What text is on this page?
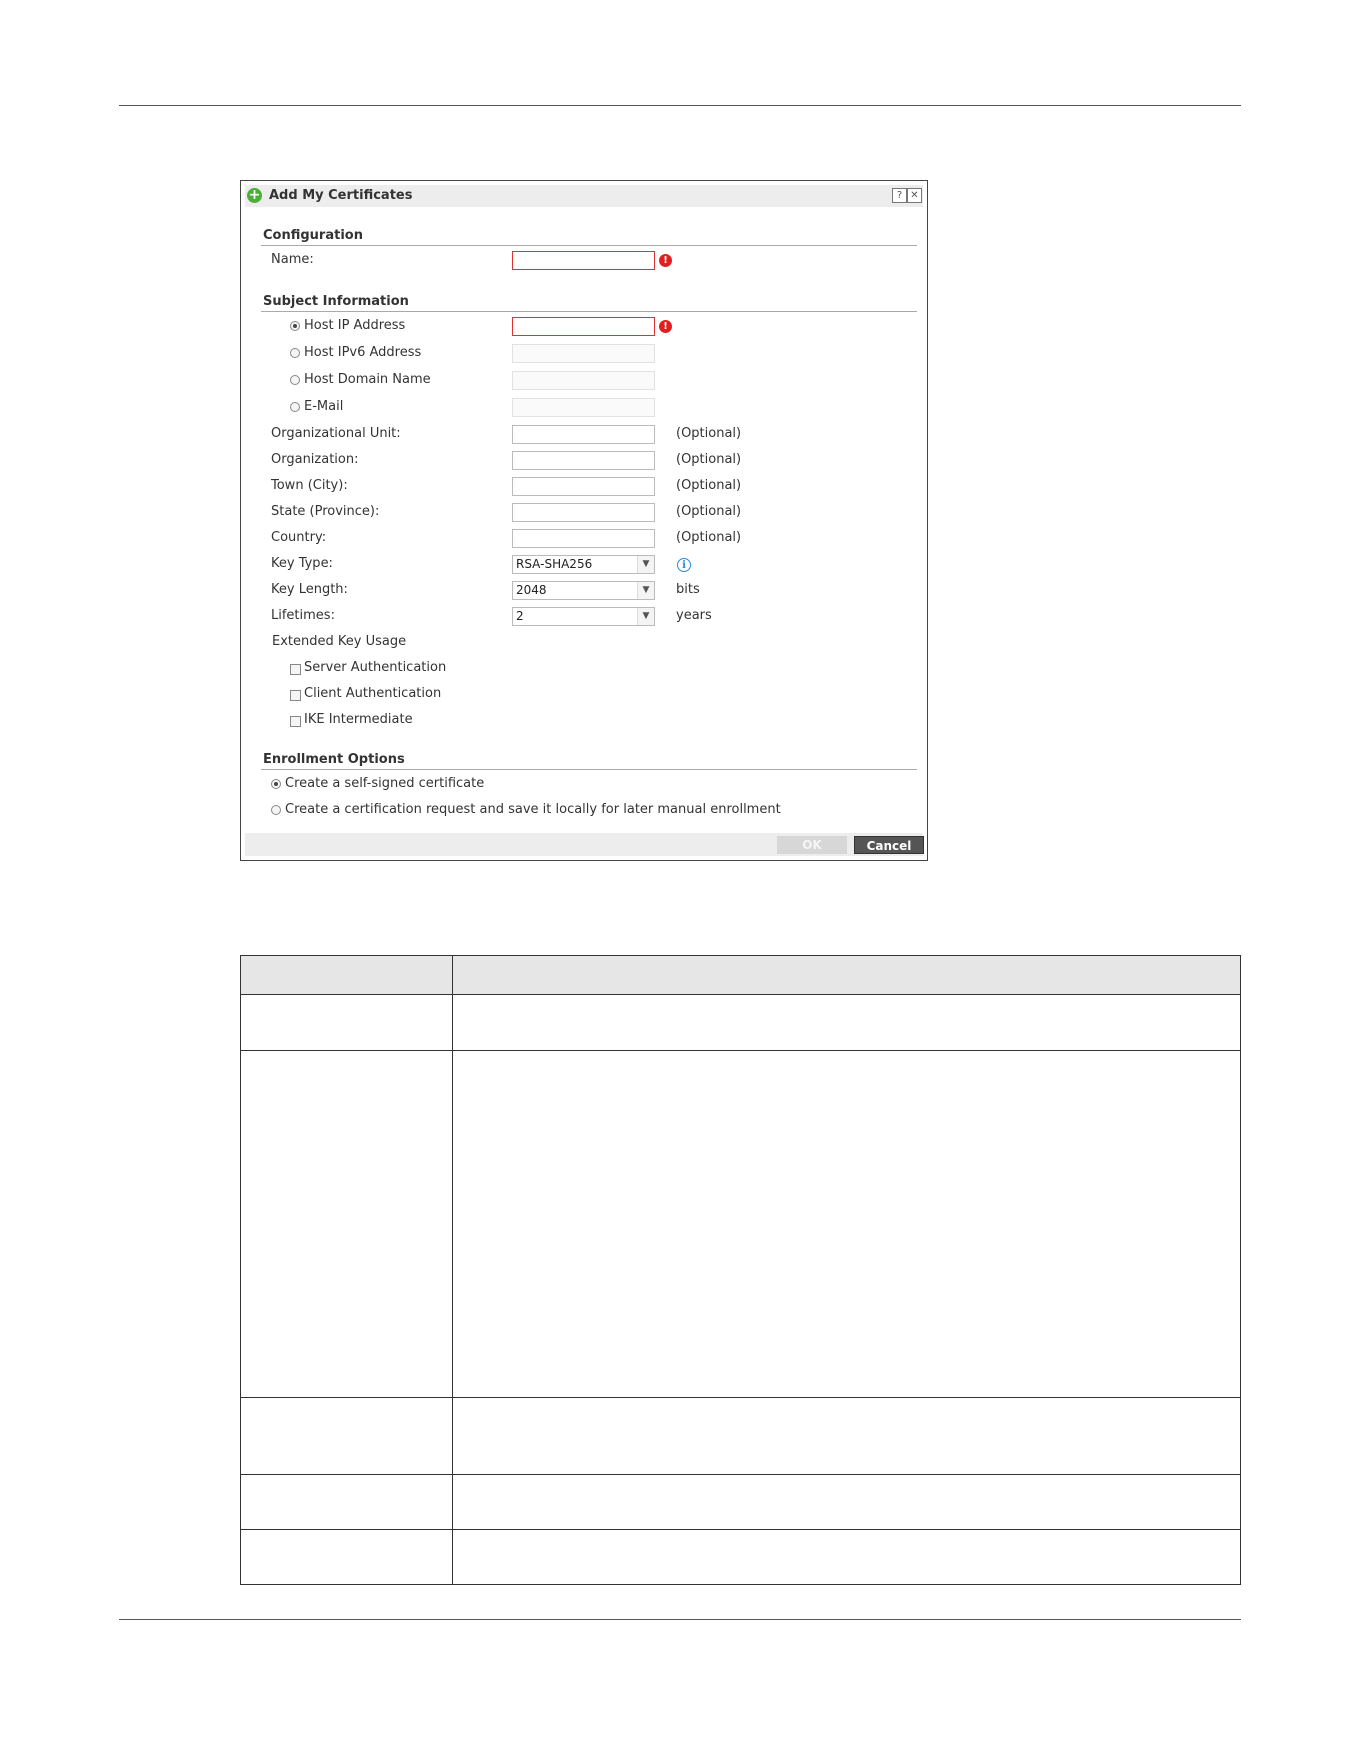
+ Add My Certificates	? ✕
Configuration
Name:	!
Subject Information
Host IP Address	!
Host IPv6 Address
Host Domain Name
E-Mail
Organizational Unit:	(Optional)
Organization:	(Optional)
Town (City):	(Optional)
State (Province):	(Optional)
Country:	(Optional)
Key Type:	RSA-SHA256	▼	i
Key Length:	2048	▼	bits
Lifetimes:	2	▼	years
Extended Key Usage
Server Authentication
Client Authentication
IKE Intermediate
Enrollment Options
Create a self-signed certificate
Create a certification request and save it locally for later manual enrollment
OK	Cancel
